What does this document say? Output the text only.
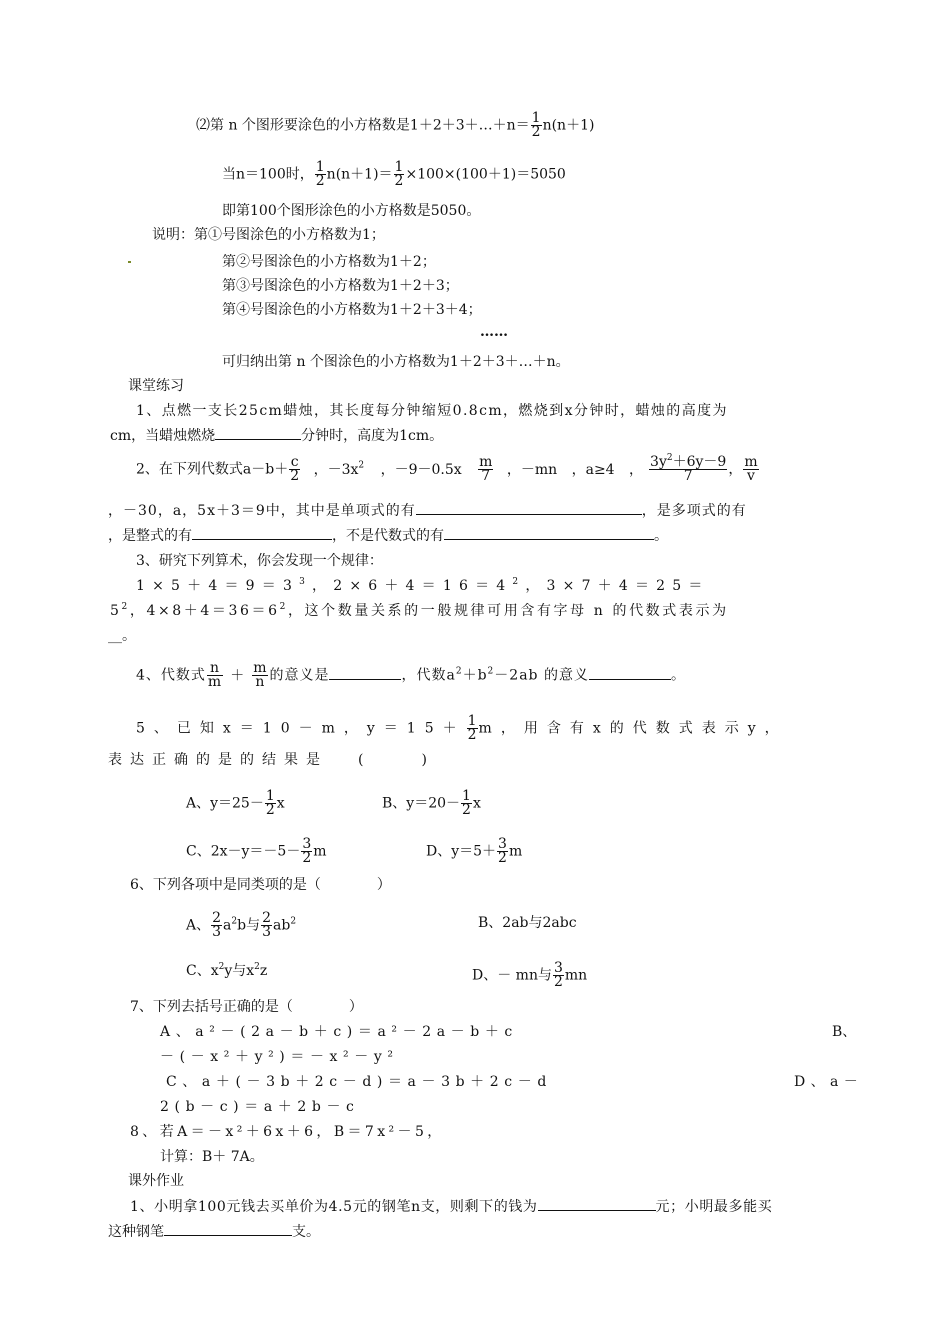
⑵第 n 个图形要涂色的小方格数是1＋2＋3＋…＋n＝ $\frac{1}{2} n(n+1)$
当n＝100时， $\frac{1}{2} n(n+1)= \frac{1}{2} \times 100\times(100+1)=5050$
即第100个图形涂色的小方格数是5050。
说明：第①号图涂色的小方格数为1；
第②号图涂色的小方格数为1＋2；
第③号图涂色的小方格数为1＋2＋3；
第④号图涂色的小方格数为1＋2＋3＋4；
……
可归纳出第 n 个图涂色的小方格数为1＋2＋3＋…＋n。
课堂练习
1、点燃一支长25cm蜡烛，其长度每分钟缩短0.8cm，燃烧到x分钟时，蜡烛的高度为
cm，当蜡烛燃烧	分钟时，高度为1cm。
2、在下列代数式$a-b+ \frac{c}{2}$ ，$-3x^2$ ，$-9-0.5x \frac{m}{7}$ ，－mn ，a≥4 ， $\frac{3y^2+6y-9}{7}$ ， $\frac{m}{v}$
，－30，a，5x＋3＝9中，其中是单项式的有	，是多项式的有
，是整式的有	，不是代数式的有	。
3、研究下列算术，你会发现一个规律：
$1\times 5+4=9=3^3$，$2\times 6+4=16=4^2$，3×7＋4＝25＝
$5^2$，$4\times 8+4=36=6^2$，这个数量关系的一般规律可用含有字母 n 的代数式表示为
__。
4、代数式 $\frac{n}{m} + \frac{m}{n}$ 的意义是	，代数$a^2+b^2-2ab$ 的意义	。
5、已知x＝10－m，$y=15+ \frac{1}{2}$ m，用含有x的代数式表示y，
表达正确的是的结果是 (　　　)
A、$y=25- \frac{1}{2}$ x	B、$y=20- \frac{1}{2}$ x
C、$2x-y=-5- \frac{3}{2}$ m	D、$y=5+ \frac{3}{2}$ m
6、下列各项中是同类项的是（　　　　）
A、 $\frac{2}{3} a^2b$与 $\frac{2}{3} ab^2$	B、2ab与2abc
C、$x^2y$与$x^2z$	D、－ mn与 $\frac{3}{2}$ mn
7、下列去括号正确的是（　　　　）
A、a²－(2a－b＋c)＝a²－2a－b＋c	B、
－(－x²＋y²)＝－x²－y²
C、a＋(－3b＋2c－d)＝a－3b＋2c－d	D、a－
2(b－c)＝a＋2b－c
8、若A＝－x²＋6x＋6，B＝7x²－5，
计算：B＋ 7A。
课外作业
1、小明拿100元钱去买单价为4.5元的钢笔n支，则剩下的钱为	元；小明最多能买
这种钢笔	支。
